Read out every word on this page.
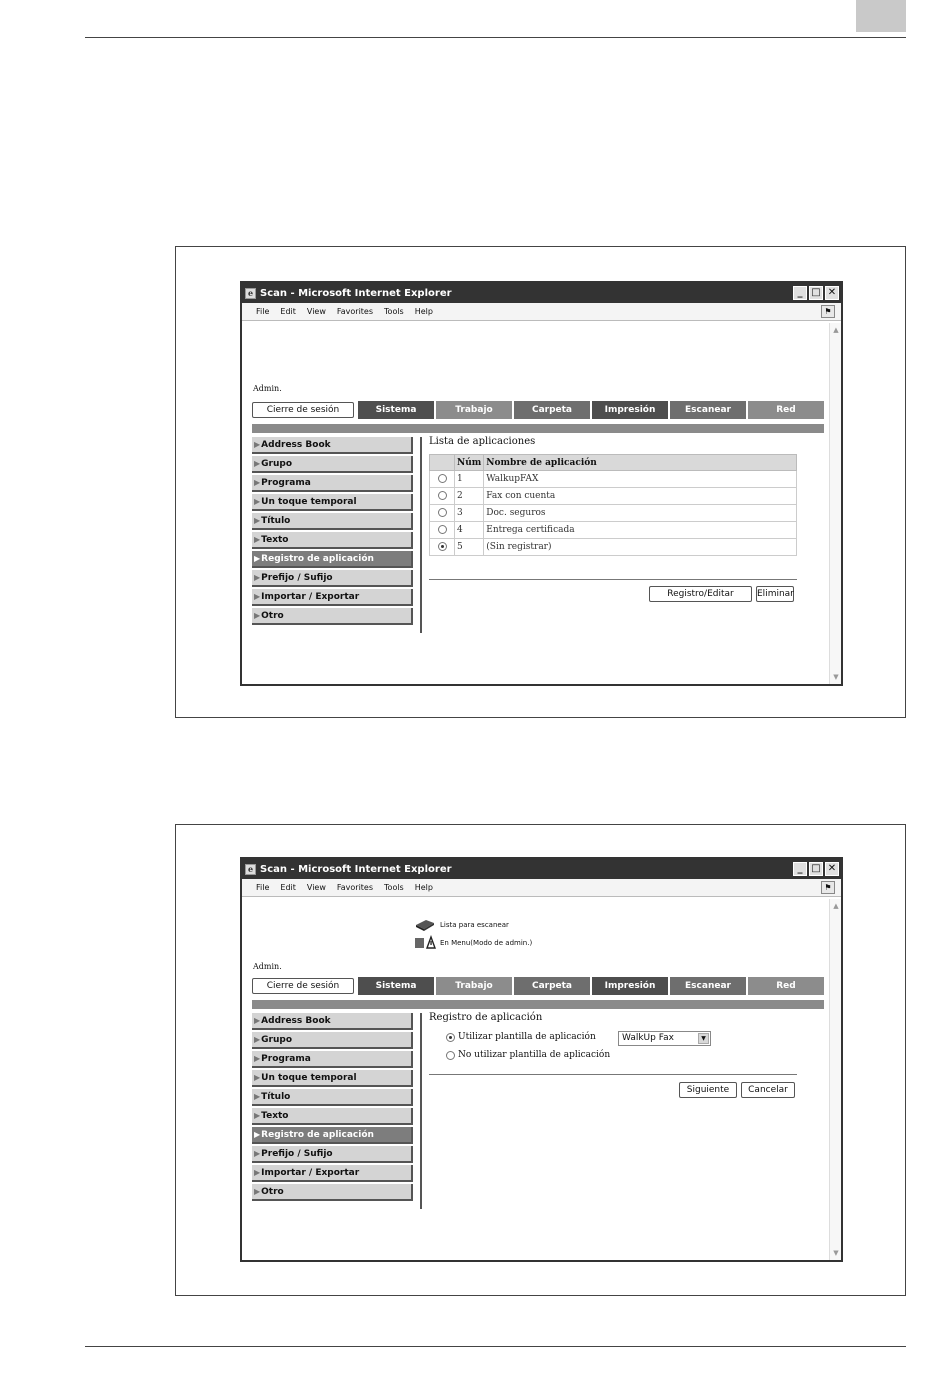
e Scan - Microsoft Internet Explorer	_ □ ✕
File Edit View Favorites Tools Help	⚑
Admin.
Cierre de sesión	Sistema	Trabajo	Carpeta	Impresión	Escanear	Red
▶Address Book
▶Grupo
▶Programa
▶Un toque temporal
▶Título
▶Texto
▶Registro de aplicación
▶Prefijo / Sufijo
▶Importar / Exportar
▶Otro
Lista de aplicaciones
	Núm	Nombre de aplicación
	1	WalkupFAX
	2	Fax con cuenta
	3	Doc. seguros
	4	Entrega certificada
	5	(Sin registrar)
Registro/Editar	Eliminar
▲
▼
e Scan - Microsoft Internet Explorer	_ □ ✕
File Edit View Favorites Tools Help	⚑
Lista para escanear
En Menu(Modo de admin.)
Admin.
Cierre de sesión	Sistema	Trabajo	Carpeta	Impresión	Escanear	Red
▶Address Book
▶Grupo
▶Programa
▶Un toque temporal
▶Título
▶Texto
▶Registro de aplicación
▶Prefijo / Sufijo
▶Importar / Exportar
▶Otro
Registro de aplicación
Utilizar plantilla de aplicación	WalkUp Fax	▼
No utilizar plantilla de aplicación
Siguiente	Cancelar
▲
▼
